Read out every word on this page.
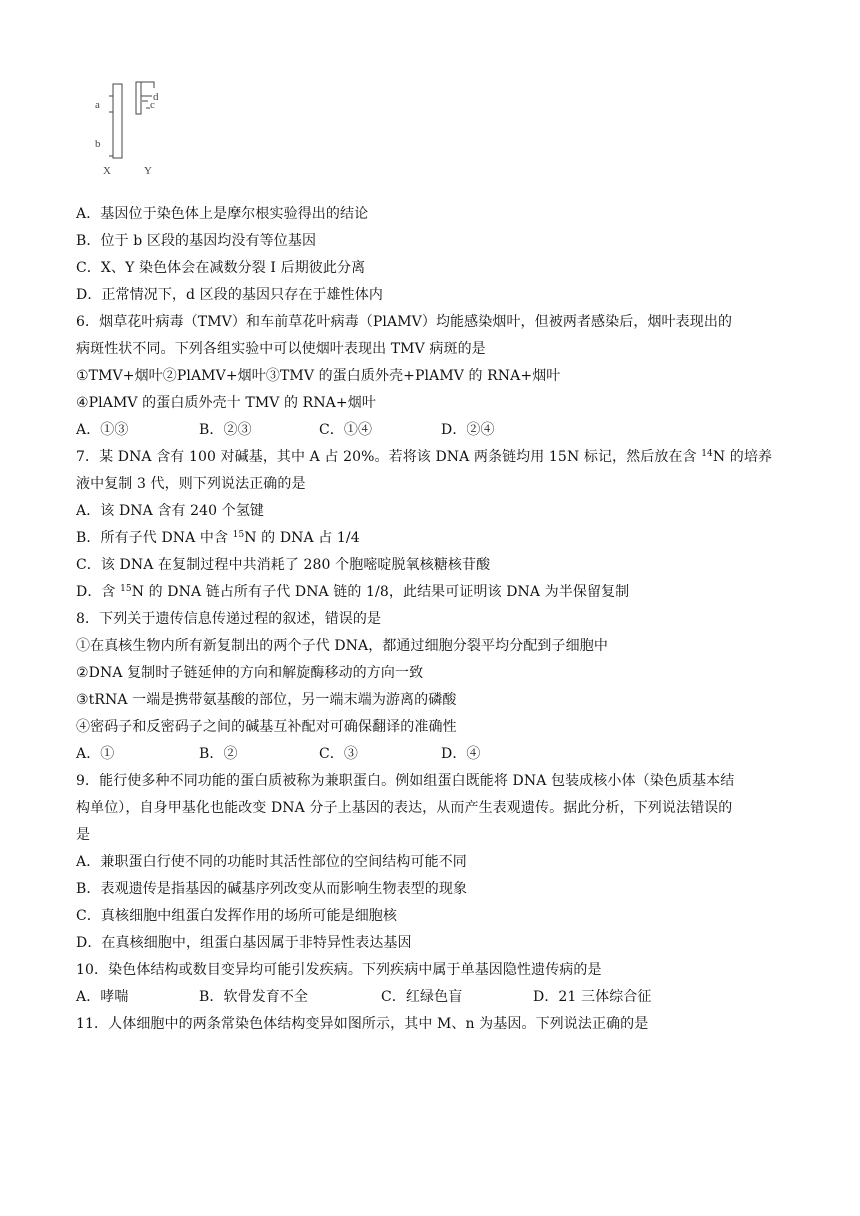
a
b
d
c
X	Y
A．基因位于染色体上是摩尔根实验得出的结论
B．位于 b 区段的基因均没有等位基因
C．X、Y 染色体会在减数分裂 I 后期彼此分离
D．正常情况下，d 区段的基因只存在于雄性体内
6．烟草花叶病毒（TMV）和车前草花叶病毒（PlAMV）均能感染烟叶，但被两者感染后，烟叶表现出的
病斑性状不同。下列各组实验中可以使烟叶表现出 TMV 病斑的是
①TMV+烟叶②PlAMV+烟叶③TMV 的蛋白质外壳+PlAMV 的 RNA+烟叶
④PlAMV 的蛋白质外壳十 TMV 的 RNA+烟叶
A．①③	B．②③	C．①④	D．②④
7．某 DNA 含有 100 对碱基，其中 A 占 20%。若将该 DNA 两条链均用 15N 标记，然后放在含 $^{14}$N 的培养
液中复制 3 代，则下列说法正确的是
A．该 DNA 含有 240 个氢键
B．所有子代 DNA 中含 $^{15}$N 的 DNA 占 1/4
C．该 DNA 在复制过程中共消耗了 280 个胞嘧啶脱氧核糖核苷酸
D．含 $^{15}$N 的 DNA 链占所有子代 DNA 链的 1/8，此结果可证明该 DNA 为半保留复制
8．下列关于遗传信息传递过程的叙述，错误的是
①在真核生物内所有新复制出的两个子代 DNA，都通过细胞分裂平均分配到子细胞中
②DNA 复制时子链延伸的方向和解旋酶移动的方向一致
③tRNA 一端是携带氨基酸的部位，另一端末端为游离的磷酸
④密码子和反密码子之间的碱基互补配对可确保翻译的准确性
A．①	B．②	C．③	D．④
9．能行使多种不同功能的蛋白质被称为兼职蛋白。例如组蛋白既能将 DNA 包装成核小体（染色质基本结
构单位），自身甲基化也能改变 DNA 分子上基因的表达，从而产生表观遗传。据此分析，下列说法错误的
是
A．兼职蛋白行使不同的功能时其活性部位的空间结构可能不同
B．表观遗传是指基因的碱基序列改变从而影响生物表型的现象
C．真核细胞中组蛋白发挥作用的场所可能是细胞核
D．在真核细胞中，组蛋白基因属于非特异性表达基因
10．染色体结构或数目变异均可能引发疾病。下列疾病中属于单基因隐性遗传病的是
A．哮喘	B．软骨发育不全	C．红绿色盲	D．21 三体综合征
11．人体细胞中的两条常染色体结构变异如图所示，其中 M、n 为基因。下列说法正确的是
